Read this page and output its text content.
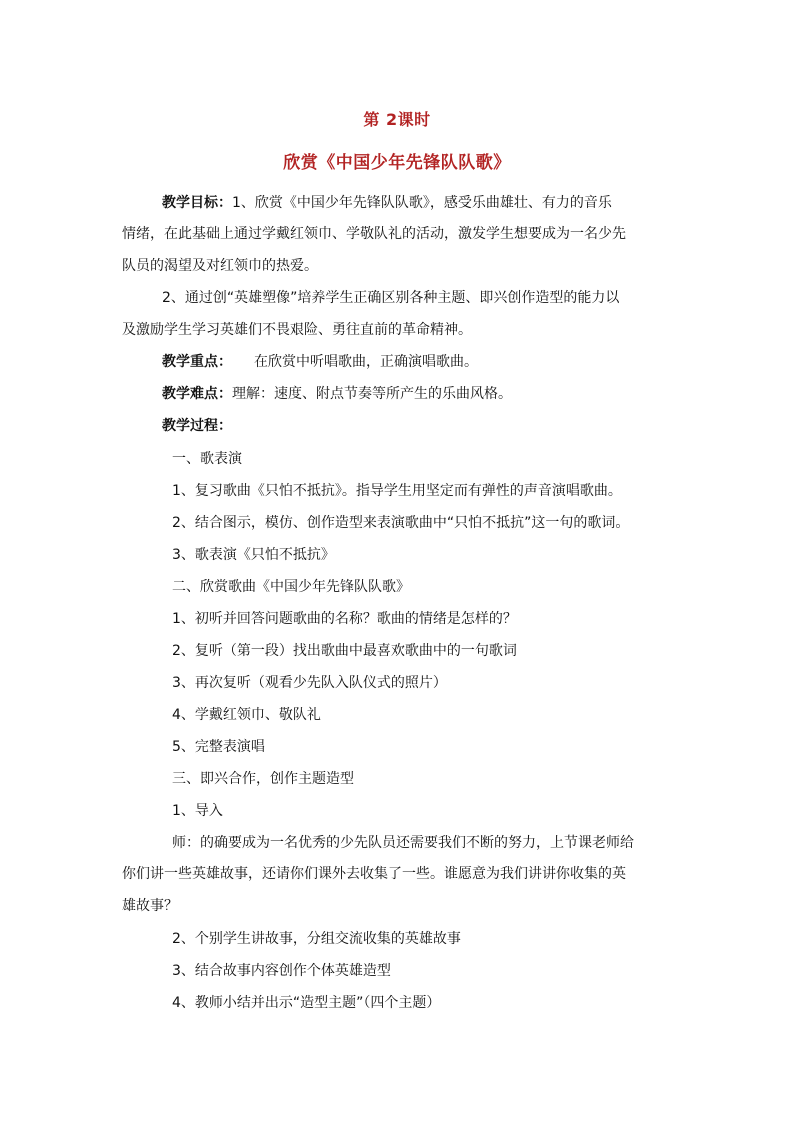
第 2课时
欣赏《中国少年先锋队队歌》
教学目标：1、欣赏《中国少年先锋队队歌》，感受乐曲雄壮、有力的音乐
情绪，在此基础上通过学戴红领巾、学敬队礼的活动，激发学生想要成为一名少先
队员的渴望及对红领巾的热爱。
2、通过创“英雄塑像”培养学生正确区别各种主题、即兴创作造型的能力以
及激励学生学习英雄们不畏艰险、勇往直前的革命精神。
教学重点： 在欣赏中听唱歌曲，正确演唱歌曲。
教学难点：理解：速度、附点节奏等所产生的乐曲风格。
教学过程：
一、歌表演
1、复习歌曲《只怕不抵抗》。指导学生用坚定而有弹性的声音演唱歌曲。
2、结合图示，模仿、创作造型来表演歌曲中“只怕不抵抗”这一句的歌词。
3、歌表演《只怕不抵抗》
二、欣赏歌曲《中国少年先锋队队歌》
1、初听并回答问题歌曲的名称？歌曲的情绪是怎样的？
2、复听（第一段）找出歌曲中最喜欢歌曲中的一句歌词
3、再次复听（观看少先队入队仪式的照片）
4、学戴红领巾、敬队礼
5、完整表演唱
三、即兴合作，创作主题造型
1、导入
师：的确要成为一名优秀的少先队员还需要我们不断的努力，上节课老师给
你们讲一些英雄故事，还请你们课外去收集了一些。谁愿意为我们讲讲你收集的英
雄故事？
2、个别学生讲故事，分组交流收集的英雄故事
3、结合故事内容创作个体英雄造型
4、教师小结并出示“造型主题”（四个主题）
